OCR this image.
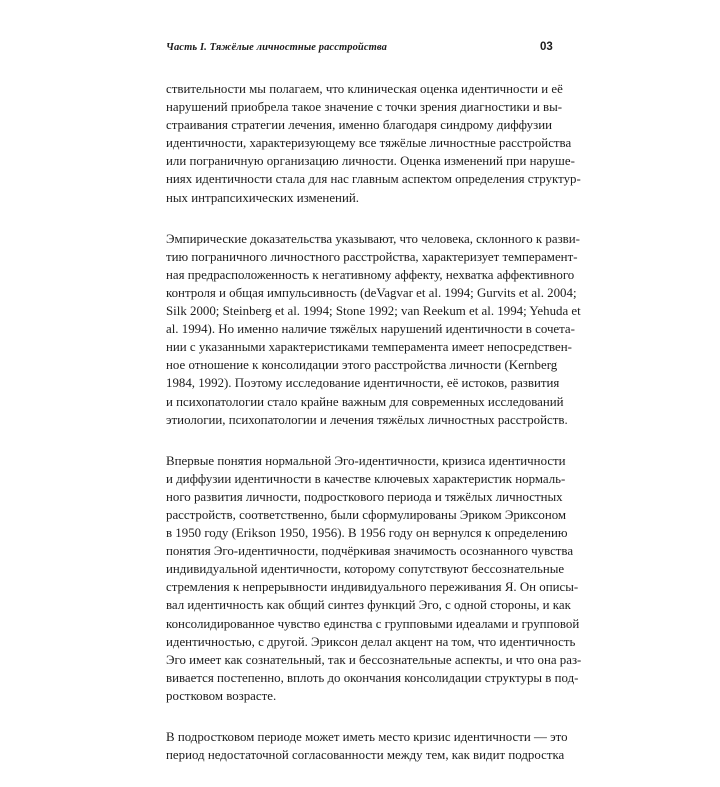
Часть I. Тяжёлые личностные расстройства	03
ствительности мы полагаем, что клиническая оценка идентичности и её
нарушений приобрела такое значение с точки зрения диагностики и вы-
страивания стратегии лечения, именно благодаря синдрому диффузии
идентичности, характеризующему все тяжёлые личностные расстройства
или пограничную организацию личности. Оценка изменений при наруше-
ниях идентичности стала для нас главным аспектом определения структур-
ных интрапсихических изменений.
Эмпирические доказательства указывают, что человека, склонного к разви-
тию пограничного личностного расстройства, характеризует темперамент-
ная предрасположенность к негативному аффекту, нехватка аффективного
контроля и общая импульсивность (deVagvar et al. 1994; Gurvits et al. 2004;
Silk 2000; Steinberg et al. 1994; Stone 1992; van Reekum et al. 1994; Yehuda et
al. 1994). Но именно наличие тяжёлых нарушений идентичности в сочета-
нии с указанными характеристиками темперамента имеет непосредствен-
ное отношение к консолидации этого расстройства личности (Kernberg
1984, 1992). Поэтому исследование идентичности, её истоков, развития
и психопатологии стало крайне важным для современных исследований
этиологии, психопатологии и лечения тяжёлых личностных расстройств.
Впервые понятия нормальной Эго-идентичности, кризиса идентичности
и диффузии идентичности в качестве ключевых характеристик нормаль-
ного развития личности, подросткового периода и тяжёлых личностных
расстройств, соответственно, были сформулированы Эриком Эриксоном
в 1950 году (Erikson 1950, 1956). В 1956 году он вернулся к определению
понятия Эго-идентичности, подчёркивая значимость осознанного чувства
индивидуальной идентичности, которому сопутствуют бессознательные
стремления к непрерывности индивидуального переживания Я. Он описы-
вал идентичность как общий синтез функций Эго, с одной стороны, и как
консолидированное чувство единства с групповыми идеалами и групповой
идентичностью, с другой. Эриксон делал акцент на том, что идентичность
Эго имеет как сознательный, так и бессознательные аспекты, и что она раз-
вивается постепенно, вплоть до окончания консолидации структуры в под-
ростковом возрасте.
В подростковом периоде может иметь место кризис идентичности — это
период недостаточной согласованности между тем, как видит подростка
